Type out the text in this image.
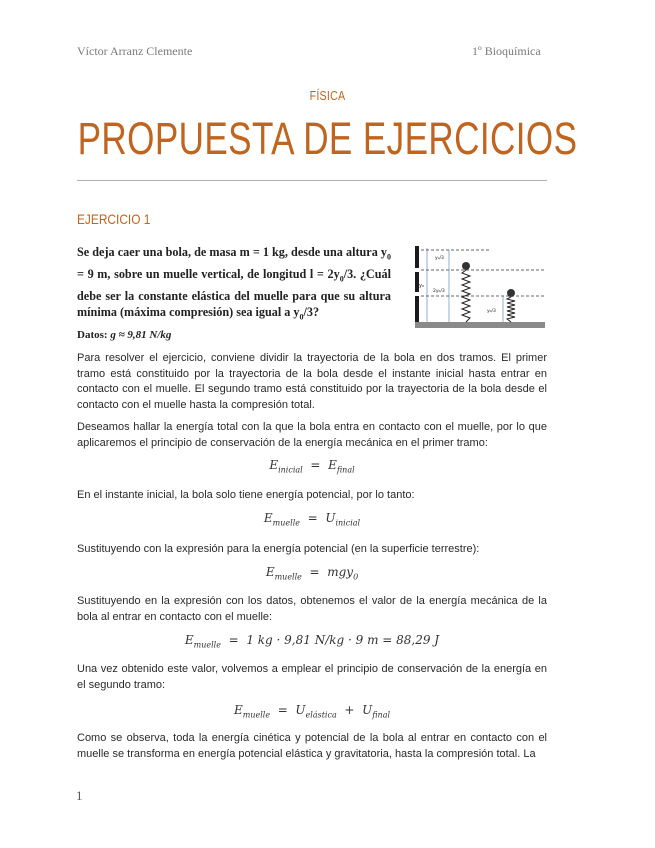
Víctor Arranz Clemente	1º Bioquímica
FÍSICA
PROPUESTA DE EJERCICIOS
EJERCICIO 1
Se deja caer una bola, de masa m = 1 kg, desde una altura $y_0 = 9$ m, sobre un muelle vertical, de longitud $l = 2y_0/3$. ¿Cuál debe ser la constante elástica del muelle para que su altura mínima (máxima compresión) sea igual a $y_0/3$?
Datos: g ≈ 9,81 N/kg
y₀
y₀/3
2y₀/3
y₀/3
Para resolver el ejercicio, conviene dividir la trayectoria de la bola en dos tramos. El primer tramo está constituido por la trayectoria de la bola desde el instante inicial hasta entrar en contacto con el muelle. El segundo tramo está constituido por la trayectoria de la bola desde el contacto con el muelle hasta la compresión total.
Deseamos hallar la energía total con la que la bola entra en contacto con el muelle, por lo que aplicaremos el principio de conservación de la energía mecánica en el primer tramo:
$E_{inicial} = E_{final}$
En el instante inicial, la bola solo tiene energía potencial, por lo tanto:
$E_{muelle} = U_{inicial}$
Sustituyendo con la expresión para la energía potencial (en la superficie terrestre):
$E_{muelle} = mgy_0$
Sustituyendo en la expresión con los datos, obtenemos el valor de la energía mecánica de la bola al entrar en contacto con el muelle:
$E_{muelle} = 1$ kg · 9,81 N/kg · 9 m = 88,29 J
Una vez obtenido este valor, volvemos a emplear el principio de conservación de la energía en el segundo tramo:
$E_{muelle} = U_{elástica} + U_{final}$
Como se observa, toda la energía cinética y potencial de la bola al entrar en contacto con el muelle se transforma en energía potencial elástica y gravitatoria, hasta la compresión total. La
1
